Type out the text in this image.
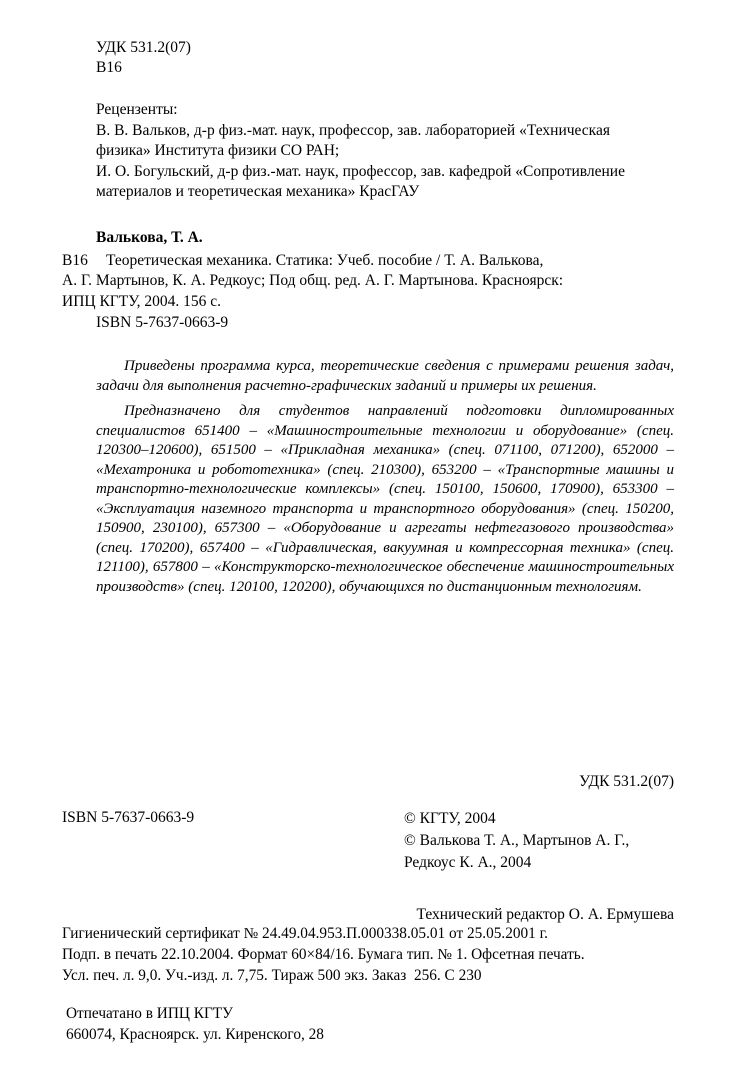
УДК 531.2(07)
В16
Рецензенты:
В. В. Вальков, д-р физ.-мат. наук, профессор, зав. лабораторией «Техническая
физика» Института физики СО РАН;
И. О. Богульский, д-р физ.-мат. наук, профессор, зав. кафедрой «Сопротивление
материалов и теоретическая механика» КрасГАУ
Валькова, Т. А.
В16 Теоретическая механика. Статика: Учеб. пособие / Т. А. Валькова,
А. Г. Мартынов, К. А. Редкоус; Под общ. ред. А. Г. Мартынова. Красноярск:
ИПЦ КГТУ, 2004. 156 с.
ISBN 5-7637-0663-9

Приведены программа курса, теоретические сведения с примерами решения задач, задачи для выполнения расчетно-графических заданий и примеры их решения.

Предназначено для студентов направлений подготовки дипломированных специалистов 651400 – «Машиностроительные технологии и оборудование» (спец. 120300–120600), 651500 – «Прикладная механика» (спец. 071100, 071200), 652000 – «Мехатроника и робототехника» (спец. 210300), 653200 – «Транспортные машины и транспортно-технологические комплексы» (спец. 150100, 150600, 170900), 653300 – «Эксплуатация наземного транспорта и транспортного оборудования» (спец. 150200, 150900, 230100), 657300 – «Оборудование и агрегаты нефтегазового производства» (спец. 170200), 657400 – «Гидравлическая, вакуумная и компрессорная техника» (спец. 121100), 657800 – «Конструкторско-технологическое обеспечение машиностроительных производств» (спец. 120100, 120200), обучающихся по дистанционным технологиям.

УДК 531.2(07)
ISBN 5-7637-0663-9	© КГТУ, 2004
© Валькова Т. А., Мартынов А. Г.,
Редкоус К. А., 2004
Технический редактор О. А. Ермушева
Гигиенический сертификат № 24.49.04.953.П.000338.05.01 от 25.05.2001 г.
Подп. в печать 22.10.2004. Формат 60×84/16. Бумага тип. № 1. Офсетная печать.
Усл. печ. л. 9,0. Уч.-изд. л. 7,75. Тираж 500 экз. Заказ  256. С 230
Отпечатано в ИПЦ КГТУ
660074, Красноярск. ул. Киренского, 28
